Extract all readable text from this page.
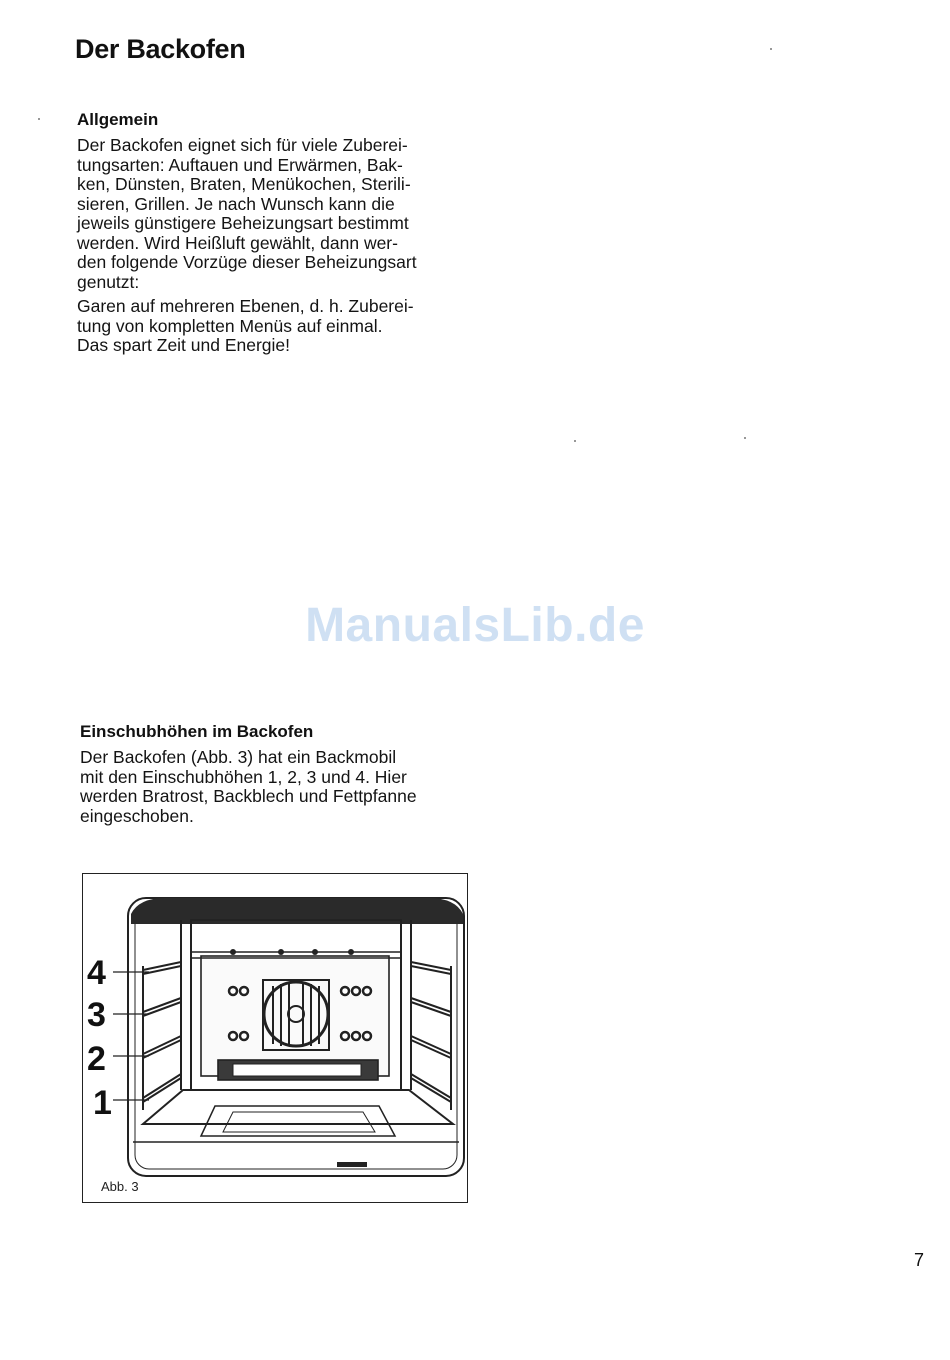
Der Backofen
Allgemein

Der Backofen eignet sich für viele Zuberei-
tungsarten: Auftauen und Erwärmen, Bak-
ken, Dünsten, Braten, Menükochen, Sterili-
sieren, Grillen. Je nach Wunsch kann die
jeweils günstigere Beheizungsart bestimmt
werden. Wird Heißluft gewählt, dann wer-
den folgende Vorzüge dieser Beheizungsart
genutzt:

Garen auf mehreren Ebenen, d. h. Zuberei-
tung von kompletten Menüs auf einmal.
Das spart Zeit und Energie!

ManualsLib.de
Einschubhöhen im Backofen

Der Backofen (Abb. 3) hat ein Backmobil
mit den Einschubhöhen 1, 2, 3 und 4. Hier
werden Bratrost, Backblech und Fettpfanne
eingeschoben.

4
3
2
1
Abb. 3
7
